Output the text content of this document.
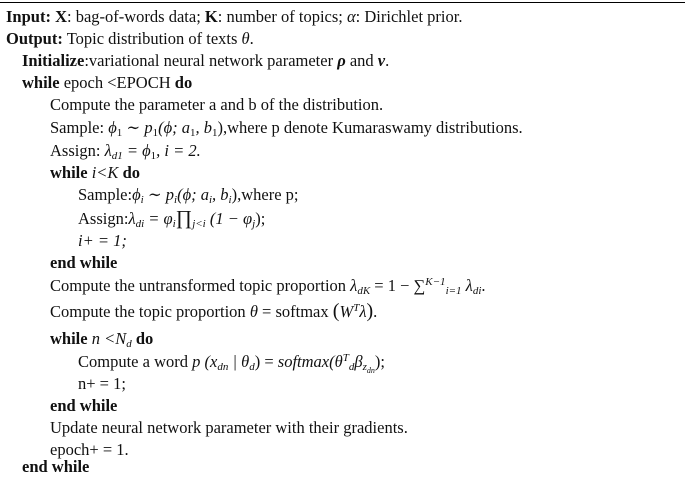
Input: X: bag-of-words data; K: number of topics; α: Dirichlet prior.
Output: Topic distribution of texts θ.
Initialize:variational neural network parameter ρ and v.
while epoch <EPOCH do
Compute the parameter a and b of the distribution.
Sample: $\phi_1$ ∼ $p_1(\phi$; $a_1$, $b_1),where$ p denote Kumaraswamy distributions.
Assign: $\lambda_{d1} = \phi_1$, i = 2.
while i<K do
$Sample:\phi_i$ ∼ $p_i(\phi$; $a_i$, $b_i),where$ p;
$Assign:\lambda_{di}$ = $\varphi_i\prod_{j<i}$ $(1 - \varphi_j)$;
i+ = 1;
end while
Compute the untransformed topic proportion $\lambda_{dK} = 1 - \sum^{K-1}_{i=1}$ $\lambda_{di}$.
Compute the topic proportion θ = softmax $(W^T\lambda)$.
while $n <N_d$ do
Compute a word p ($x_{dn}$ | $\theta_d$) = $softmax(\theta^T_d\beta_{zdn})$;
n+ = 1;
end while
Update neural network parameter with their gradients.
epoch+ = 1.
end while
